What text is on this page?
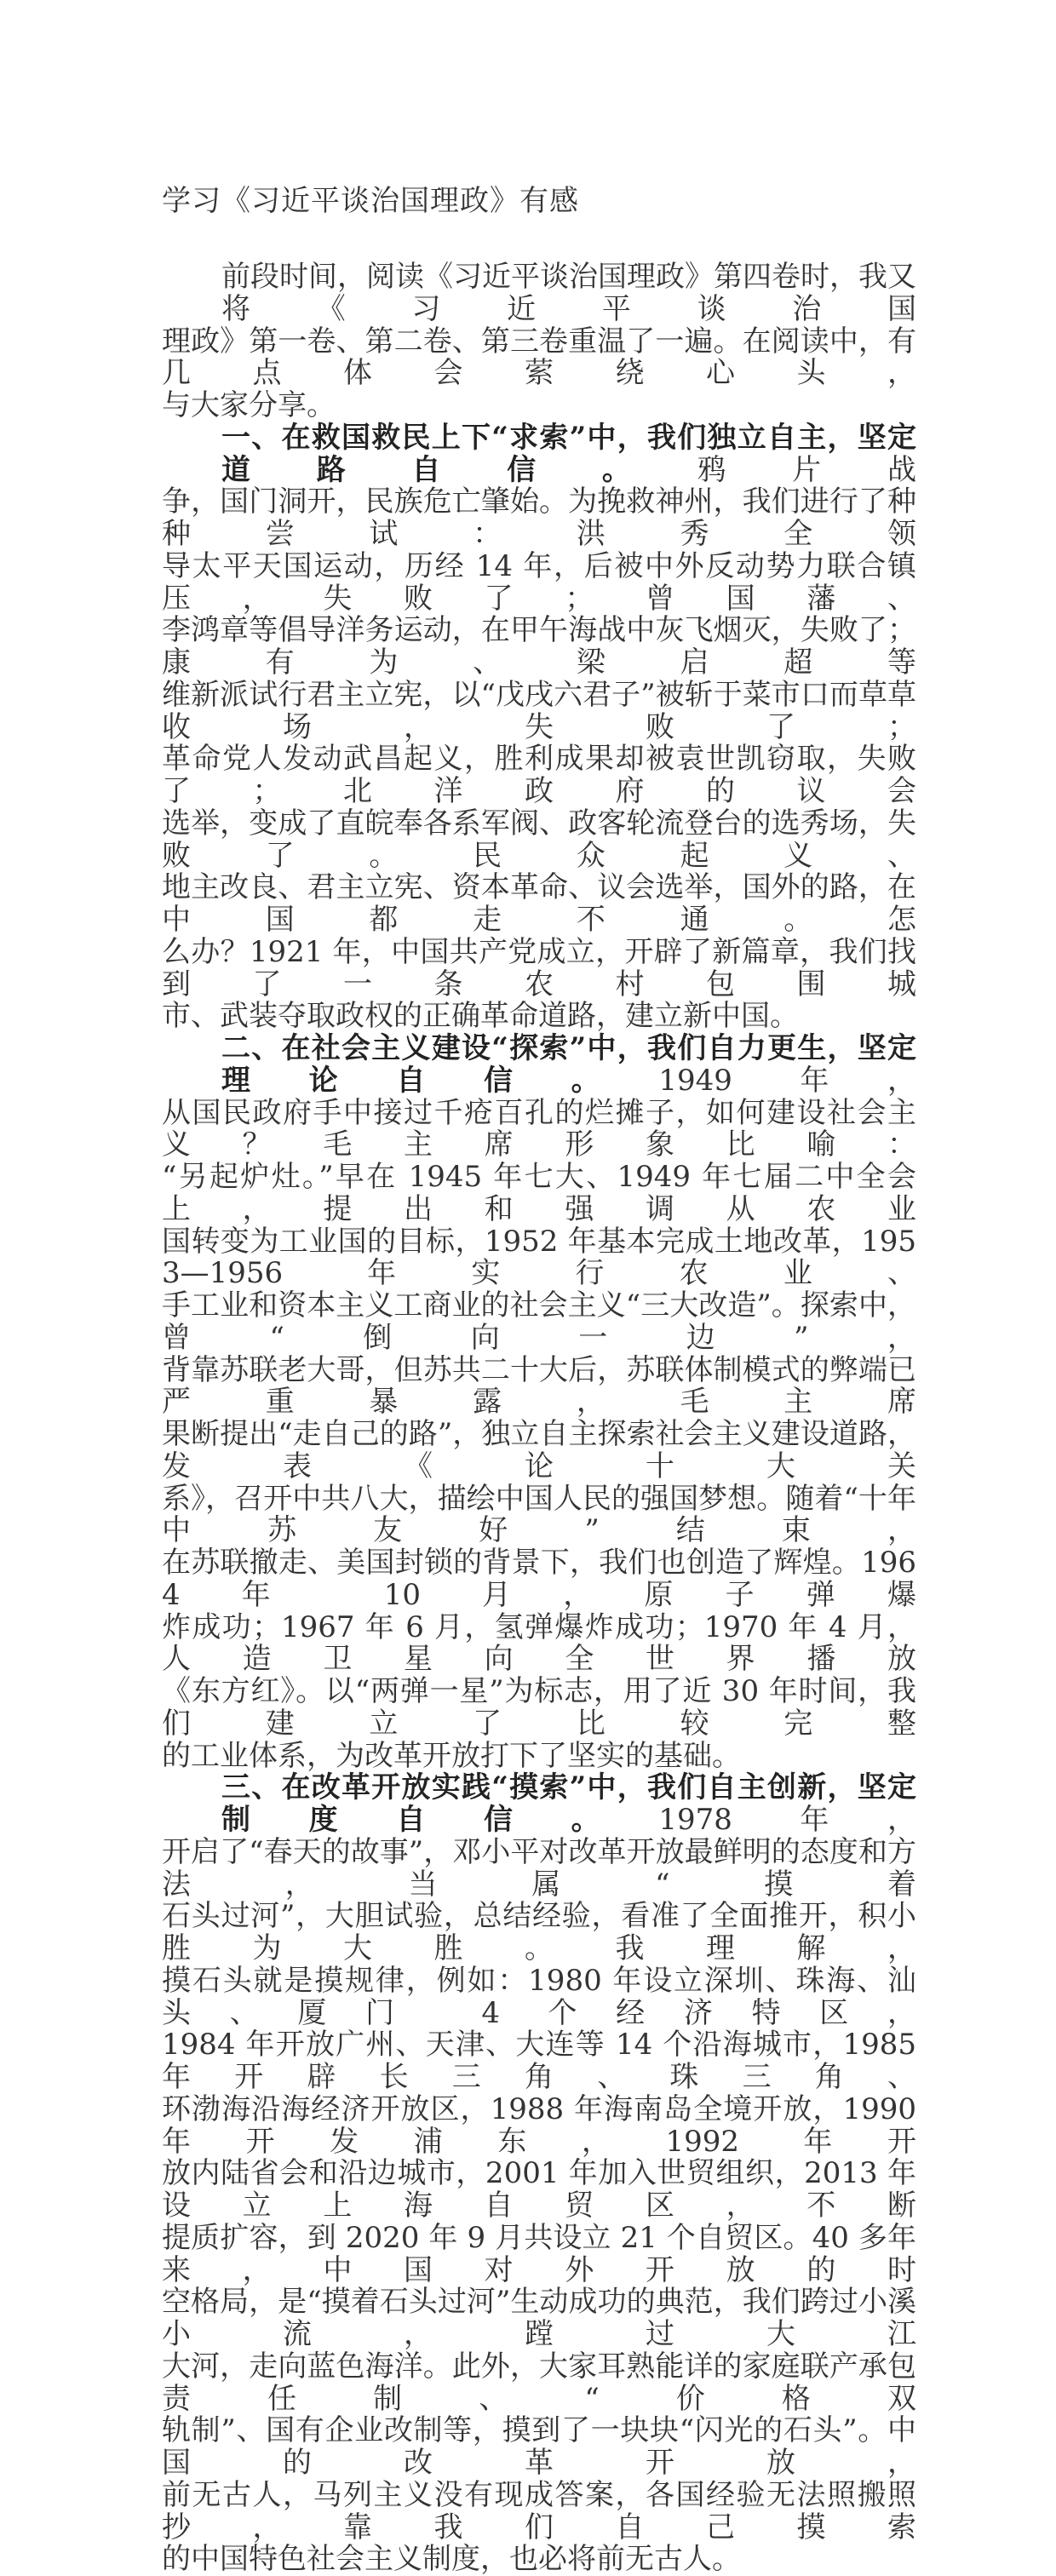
学习《习近平谈治国理政》有感
前段时间，阅读《习近平谈治国理政》第四卷时，我又将《习近平谈治国
理政》第一卷、第二卷、第三卷重温了一遍。在阅读中，有几点体会萦绕心头，
与大家分享。
一、在救国救民上下“求索”中，我们独立自主，坚定道路自信。鸦片战
争，国门洞开，民族危亡肇始。为挽救神州，我们进行了种种尝试：洪秀全领
导太平天国运动，历经 14 年，后被中外反动势力联合镇压，失败了；曾国藩、
李鸿章等倡导洋务运动，在甲午海战中灰飞烟灭，失败了；康有为、梁启超等
维新派试行君主立宪，以“戊戌六君子”被斩于菜市口而草草收场，失败了；
革命党人发动武昌起义，胜利成果却被袁世凯窃取，失败了；北洋政府的议会
选举，变成了直皖奉各系军阀、政客轮流登台的选秀场，失败了。民众起义、
地主改良、君主立宪、资本革命、议会选举，国外的路，在中国都走不通。怎
么办？1921 年，中国共产党成立，开辟了新篇章，我们找到了一条农村包围城
市、武装夺取政权的正确革命道路，建立新中国。
二、在社会主义建设“探索”中，我们自力更生，坚定理论自信。1949 年，
从国民政府手中接过千疮百孔的烂摊子，如何建设社会主义？毛主席形象比喻：
“另起炉灶。”早在 1945 年七大、1949 年七届二中全会上，提出和强调从农业
国转变为工业国的目标，1952 年基本完成土地改革，1953—1956 年实行农业、
手工业和资本主义工商业的社会主义“三大改造”。探索中，曾“倒向一边”，
背靠苏联老大哥，但苏共二十大后，苏联体制模式的弊端已严重暴露，毛主席
果断提出“走自己的路”，独立自主探索社会主义建设道路，发表《论十大关
系》，召开中共八大，描绘中国人民的强国梦想。随着“十年中苏友好”结束，
在苏联撤走、美国封锁的背景下，我们也创造了辉煌。1964 年 10 月，原子弹爆
炸成功；1967 年 6 月，氢弹爆炸成功；1970 年 4 月，人造卫星向全世界播放
《东方红》。以“两弹一星”为标志，用了近 30 年时间，我们建立了比较完整
的工业体系，为改革开放打下了坚实的基础。
三、在改革开放实践“摸索”中，我们自主创新，坚定制度自信。1978 年，
开启了“春天的故事”，邓小平对改革开放最鲜明的态度和方法，当属“摸着
石头过河”，大胆试验，总结经验，看准了全面推开，积小胜为大胜。我理解，
摸石头就是摸规律，例如：1980 年设立深圳、珠海、汕头、厦门 4 个经济特区，
1984 年开放广州、天津、大连等 14 个沿海城市，1985 年开辟长三角、珠三角、
环渤海沿海经济开放区，1988 年海南岛全境开放，1990 年开发浦东，1992 年开
放内陆省会和沿边城市，2001 年加入世贸组织，2013 年设立上海自贸区，不断
提质扩容，到 2020 年 9 月共设立 21 个自贸区。40 多年来，中国对外开放的时
空格局，是“摸着石头过河”生动成功的典范，我们跨过小溪小流，蹚过大江
大河，走向蓝色海洋。此外，大家耳熟能详的家庭联产承包责任制、“价格双
轨制”、国有企业改制等，摸到了一块块“闪光的石头”。中国的改革开放，
前无古人，马列主义没有现成答案，各国经验无法照搬照抄，靠我们自己摸索
的中国特色社会主义制度，也必将前无古人。
